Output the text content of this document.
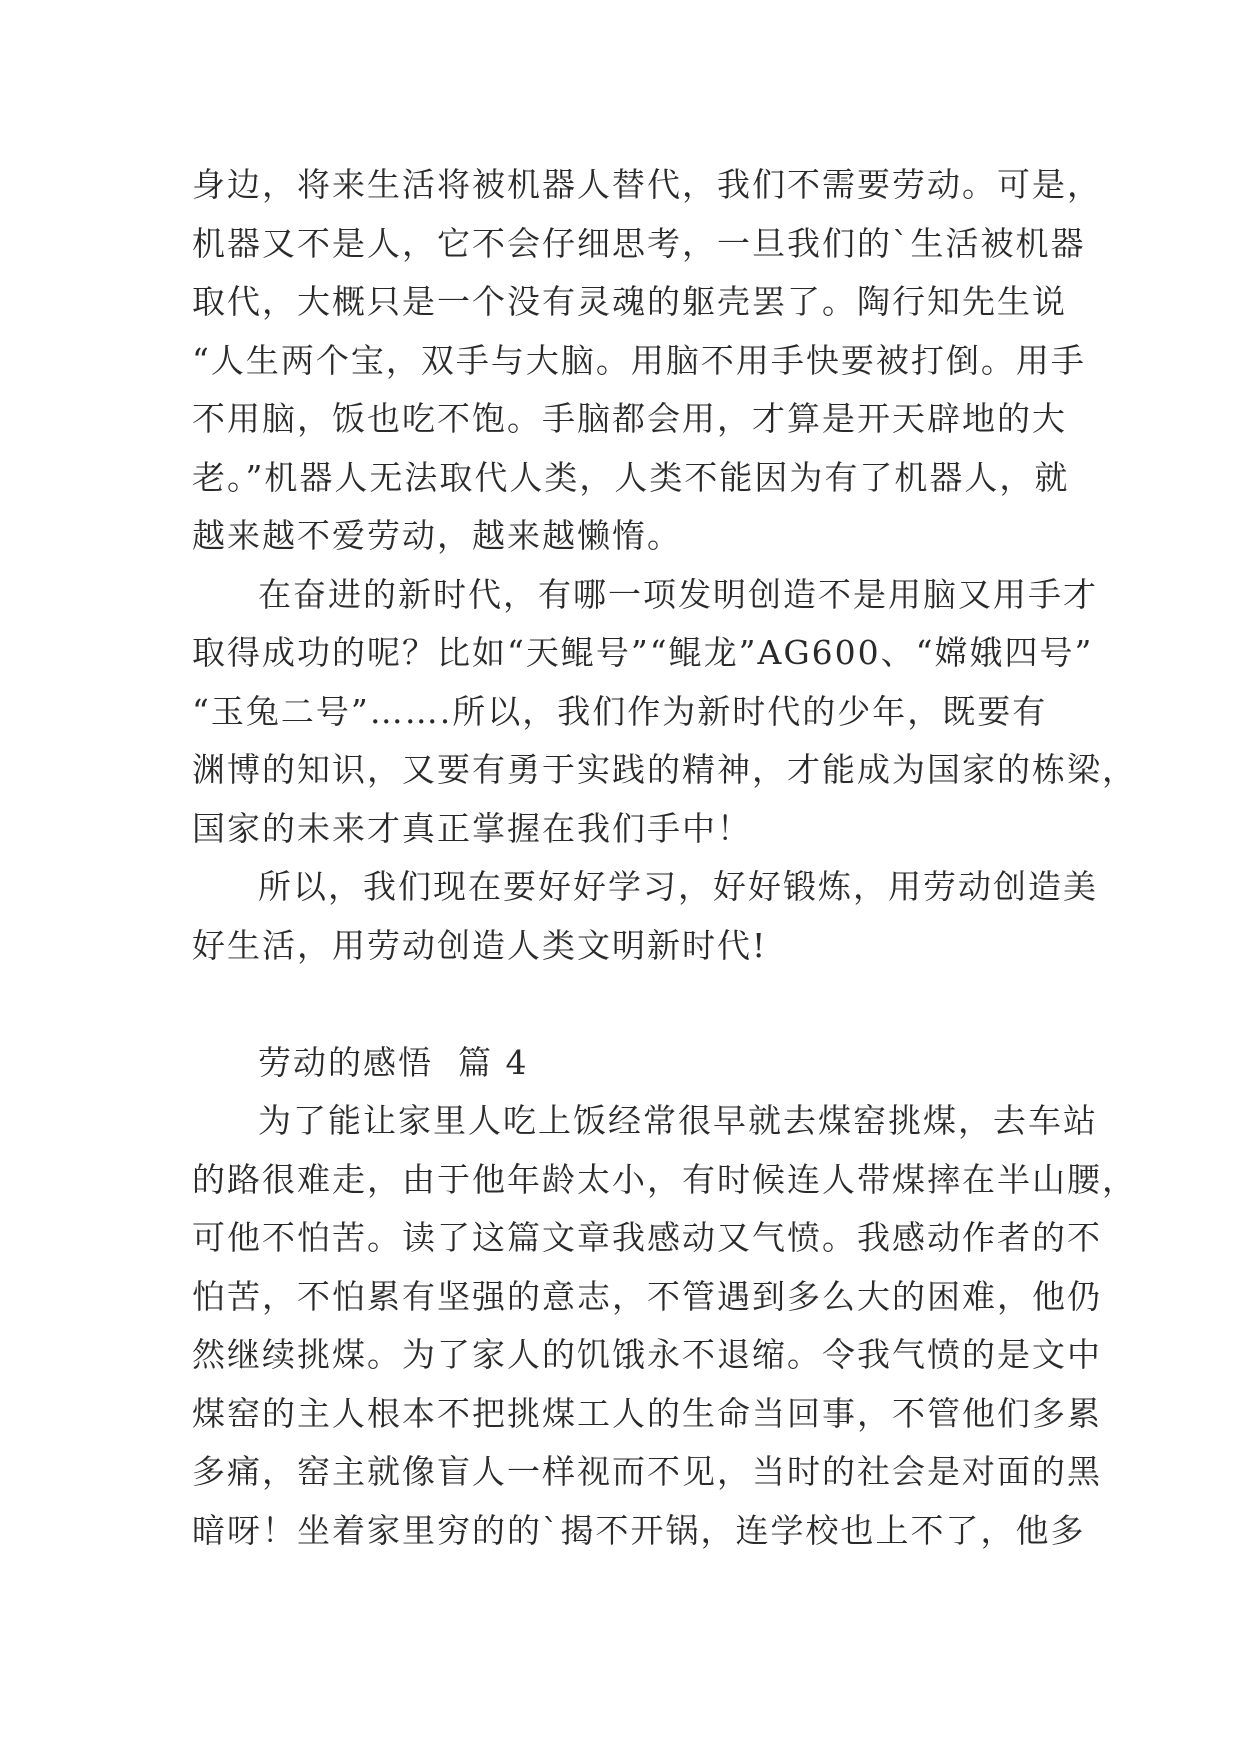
身边，将来生活将被机器人替代，我们不需要劳动。可是，
机器又不是人，它不会仔细思考，一旦我们的`生活被机器
取代，大概只是一个没有灵魂的躯壳罢了。陶行知先生说
“人生两个宝，双手与大脑。用脑不用手快要被打倒。用手
不用脑，饭也吃不饱。手脑都会用，才算是开天辟地的大
老。”机器人无法取代人类，人类不能因为有了机器人，就
越来越不爱劳动，越来越懒惰。
在奋进的新时代，有哪一项发明创造不是用脑又用手才
取得成功的呢？比如“天鲲号”“鲲龙”AG600、“嫦娥四号”
“玉兔二号”…….所以，我们作为新时代的少年，既要有
渊博的知识，又要有勇于实践的精神，才能成为国家的栋梁，
国家的未来才真正掌握在我们手中！
所以，我们现在要好好学习，好好锻炼，用劳动创造美
好生活，用劳动创造人类文明新时代!
劳动的感悟  篇 4
为了能让家里人吃上饭经常很早就去煤窑挑煤，去车站
的路很难走，由于他年龄太小，有时候连人带煤摔在半山腰，
可他不怕苦。读了这篇文章我感动又气愤。我感动作者的不
怕苦，不怕累有坚强的意志，不管遇到多么大的困难，他仍
然继续挑煤。为了家人的饥饿永不退缩。令我气愤的是文中
煤窑的主人根本不把挑煤工人的生命当回事，不管他们多累
多痛，窑主就像盲人一样视而不见，当时的社会是对面的黑
暗呀！坐着家里穷的的`揭不开锅，连学校也上不了，他多
